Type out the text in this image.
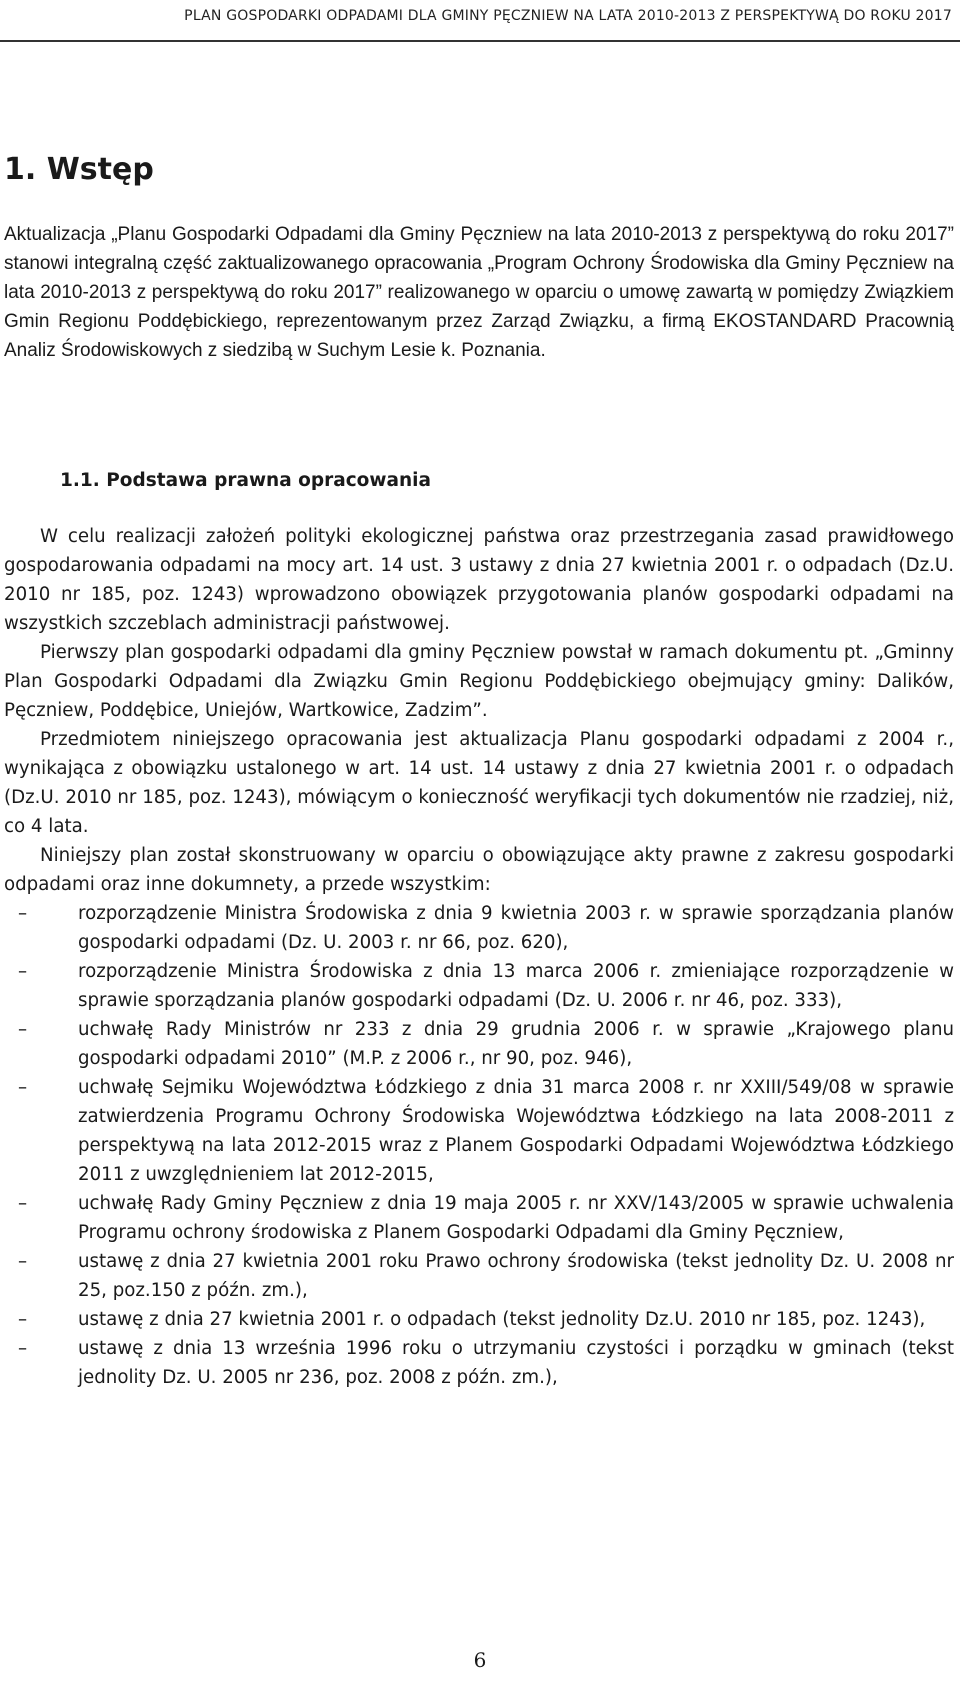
PLAN GOSPODARKI ODPADAMI DLA GMINY PĘCZNIEW NA LATA 2010-2013 Z PERSPEKTYWĄ DO ROKU 2017
1. Wstęp

Aktualizacja „Planu Gospodarki Odpadami dla Gminy Pęczniew na lata 2010-2013 z perspektywą do roku 2017” stanowi integralną część zaktualizowanego opracowania „Program Ochrony Środowiska dla Gminy Pęczniew na lata 2010-2013 z perspektywą do roku 2017” realizowanego w oparciu o umowę zawartą w pomiędzy Związkiem Gmin Regionu Poddębickiego, reprezentowanym przez Zarząd Związku, a firmą EKOSTANDARD Pracownią Analiz Środowiskowych z siedzibą w Suchym Lesie k. Poznania.

1.1. Podstawa prawna opracowania

W celu realizacji założeń polityki ekologicznej państwa oraz przestrzegania zasad prawidłowego gospodarowania odpadami na mocy art. 14 ust. 3 ustawy z dnia 27 kwietnia 2001 r. o odpadach (Dz.U. 2010 nr 185, poz. 1243) wprowadzono obowiązek przygotowania planów gospodarki odpadami na wszystkich szczeblach administracji państwowej.

Pierwszy plan gospodarki odpadami dla gminy Pęczniew powstał w ramach dokumentu pt. „Gminny Plan Gospodarki Odpadami dla Związku Gmin Regionu Poddębickiego obejmujący gminy: Dalików, Pęczniew, Poddębice, Uniejów, Wartkowice, Zadzim”.

Przedmiotem niniejszego opracowania jest aktualizacja Planu gospodarki odpadami z 2004 r., wynikająca z obowiązku ustalonego w art. 14 ust. 14 ustawy z dnia 27 kwietnia 2001 r. o odpadach (Dz.U. 2010 nr 185, poz. 1243), mówiącym o konieczność weryfikacji tych dokumentów nie rzadziej, niż, co 4 lata.

Niniejszy plan został skonstruowany w oparciu o obowiązujące akty prawne z zakresu gospodarki odpadami oraz inne dokumnety, a przede wszystkim:

–	rozporządzenie Ministra Środowiska z dnia 9 kwietnia 2003 r. w sprawie sporządzania planów gospodarki odpadami (Dz. U. 2003 r. nr 66, poz. 620),
–	rozporządzenie Ministra Środowiska z dnia 13 marca 2006 r. zmieniające rozporządzenie w sprawie sporządzania planów gospodarki odpadami (Dz. U. 2006 r. nr 46, poz. 333),
–	uchwałę Rady Ministrów nr 233 z dnia 29 grudnia 2006 r. w sprawie „Krajowego planu gospodarki odpadami 2010” (M.P. z 2006 r., nr 90, poz. 946),
–	uchwałę Sejmiku Województwa Łódzkiego z dnia 31 marca 2008 r. nr XXIII/549/08 w sprawie zatwierdzenia Programu Ochrony Środowiska Województwa Łódzkiego na lata 2008-2011 z perspektywą na lata 2012-2015 wraz z Planem Gospodarki Odpadami Województwa Łódzkiego 2011 z uwzględnieniem lat 2012-2015,
–	uchwałę Rady Gminy Pęczniew z dnia 19 maja 2005 r. nr XXV/143/2005 w sprawie uchwalenia Programu ochrony środowiska z Planem Gospodarki Odpadami dla Gminy Pęczniew,
–	ustawę z dnia 27 kwietnia 2001 roku Prawo ochrony środowiska (tekst jednolity Dz. U. 2008 nr 25, poz.150 z późn. zm.),
–	ustawę z dnia 27 kwietnia 2001 r. o odpadach (tekst jednolity Dz.U. 2010 nr 185, poz. 1243),
–	ustawę z dnia 13 września 1996 roku o utrzymaniu czystości i porządku w gminach (tekst jednolity Dz. U. 2005 nr 236, poz. 2008 z późn. zm.),
6
